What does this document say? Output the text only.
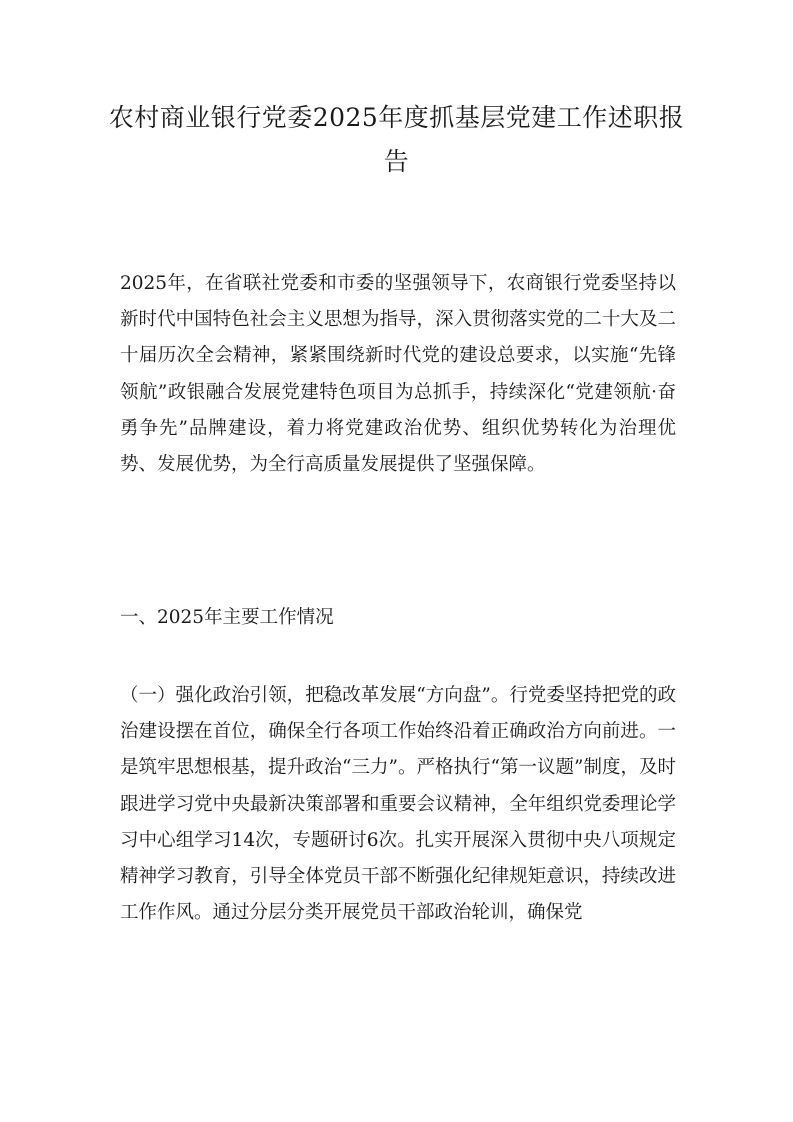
农村商业银行党委2025年度抓基层党建工作述职报告

2025年，在省联社党委和市委的坚强领导下，农商银行党委坚持以新时代中国特色社会主义思想为指导，深入贯彻落实党的二十大及二十届历次全会精神，紧紧围绕新时代党的建设总要求，以实施“先锋领航”政银融合发展党建特色项目为总抓手，持续深化“党建领航·奋勇争先”品牌建设，着力将党建政治优势、组织优势转化为治理优势、发展优势，为全行高质量发展提供了坚强保障。

一、2025年主要工作情况

（一）强化政治引领，把稳改革发展“方向盘”。行党委坚持把党的政治建设摆在首位，确保全行各项工作始终沿着正确政治方向前进。一是筑牢思想根基，提升政治“三力”。严格执行“第一议题”制度，及时跟进学习党中央最新决策部署和重要会议精神，全年组织党委理论学习中心组学习14次，专题研讨6次。扎实开展深入贯彻中央八项规定精神学习教育，引导全体党员干部不断强化纪律规矩意识，持续改进工作作风。通过分层分类开展党员干部政治轮训，确保党
